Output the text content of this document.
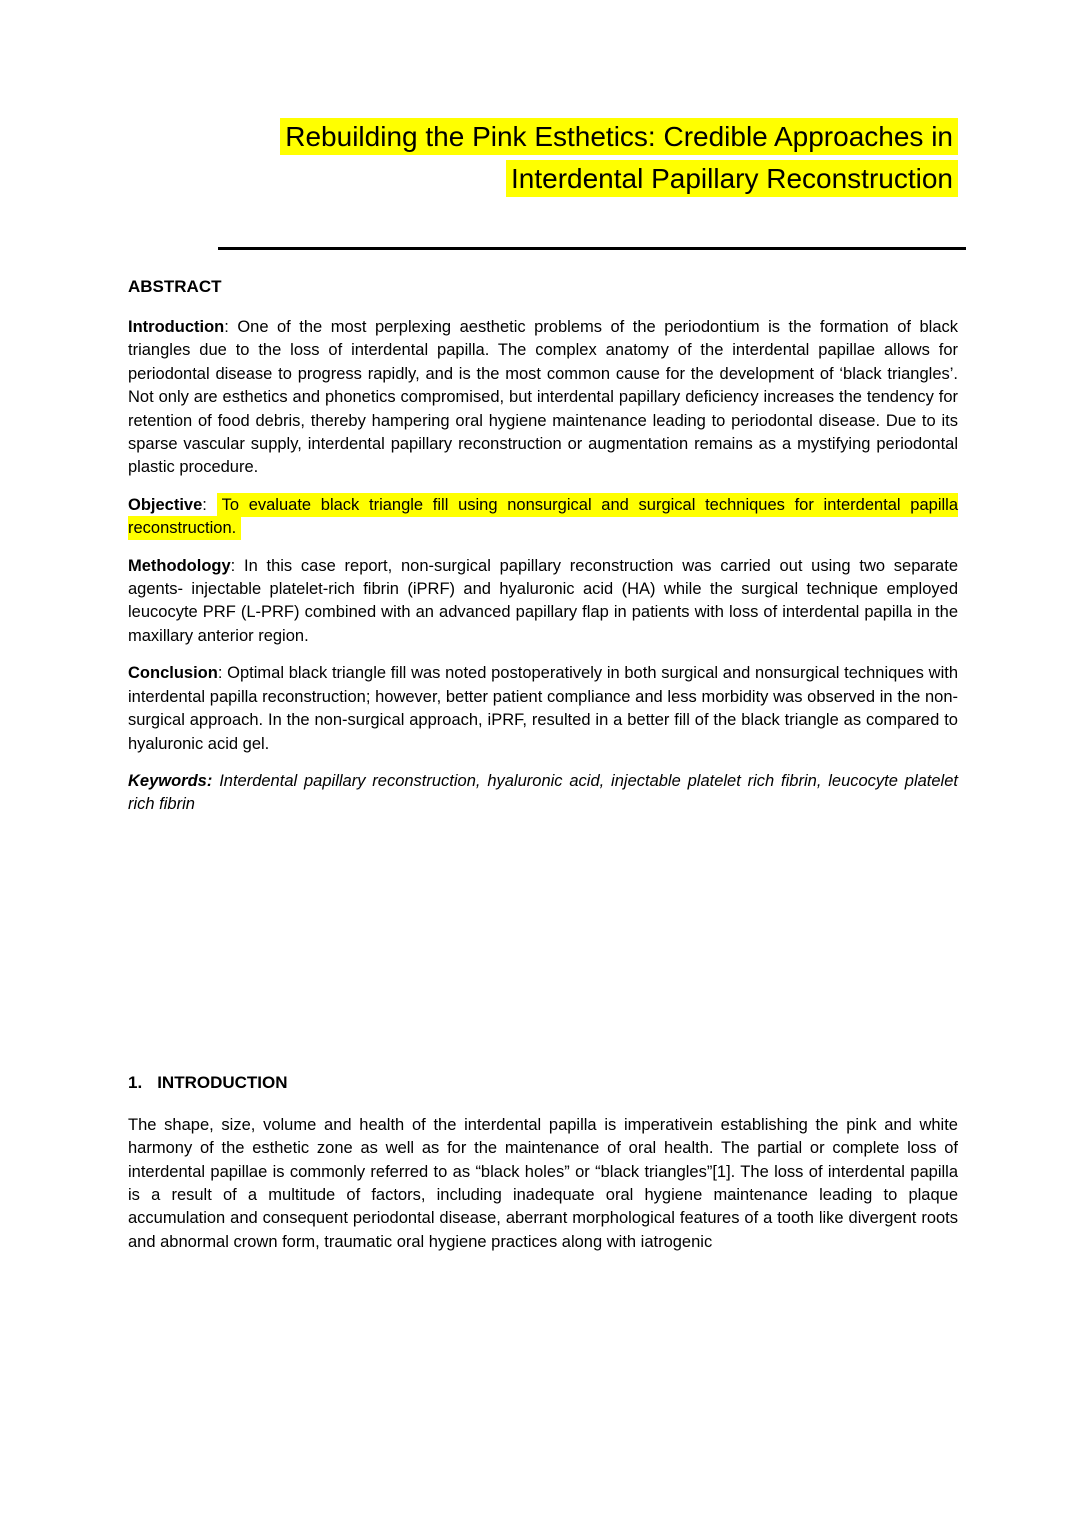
Rebuilding the Pink Esthetics: Credible Approaches in
Interdental Papillary Reconstruction
ABSTRACT

Introduction: One of the most perplexing aesthetic problems of the periodontium is the formation of black triangles due to the loss of interdental papilla. The complex anatomy of the interdental papillae allows for periodontal disease to progress rapidly, and is the most common cause for the development of ‘black triangles’. Not only are esthetics and phonetics compromised, but interdental papillary deficiency increases the tendency for retention of food debris, thereby hampering oral hygiene maintenance leading to periodontal disease. Due to its sparse vascular supply, interdental papillary reconstruction or augmentation remains as a mystifying periodontal plastic procedure.

Objective: To evaluate black triangle fill using nonsurgical and surgical techniques for interdental papilla reconstruction.

Methodology: In this case report, non-surgical papillary reconstruction was carried out using two separate agents- injectable platelet-rich fibrin (iPRF) and hyaluronic acid (HA) while the surgical technique employed leucocyte PRF (L-PRF) combined with an advanced papillary flap in patients with loss of interdental papilla in the maxillary anterior region.

Conclusion: Optimal black triangle fill was noted postoperatively in both surgical and nonsurgical techniques with interdental papilla reconstruction; however, better patient compliance and less morbidity was observed in the non-surgical approach. In the non-surgical approach, iPRF, resulted in a better fill of the black triangle as compared to hyaluronic acid gel.

Keywords: Interdental papillary reconstruction, hyaluronic acid, injectable platelet rich fibrin, leucocyte platelet rich fibrin

1. INTRODUCTION

The shape, size, volume and health of the interdental papilla is imperativein establishing the pink and white harmony of the esthetic zone as well as for the maintenance of oral health. The partial or complete loss of interdental papillae is commonly referred to as “black holes” or “black triangles”[1]. The loss of interdental papilla is a result of a multitude of factors, including inadequate oral hygiene maintenance leading to plaque accumulation and consequent periodontal disease, aberrant morphological features of a tooth like divergent roots and abnormal crown form, traumatic oral hygiene practices along with iatrogenic
